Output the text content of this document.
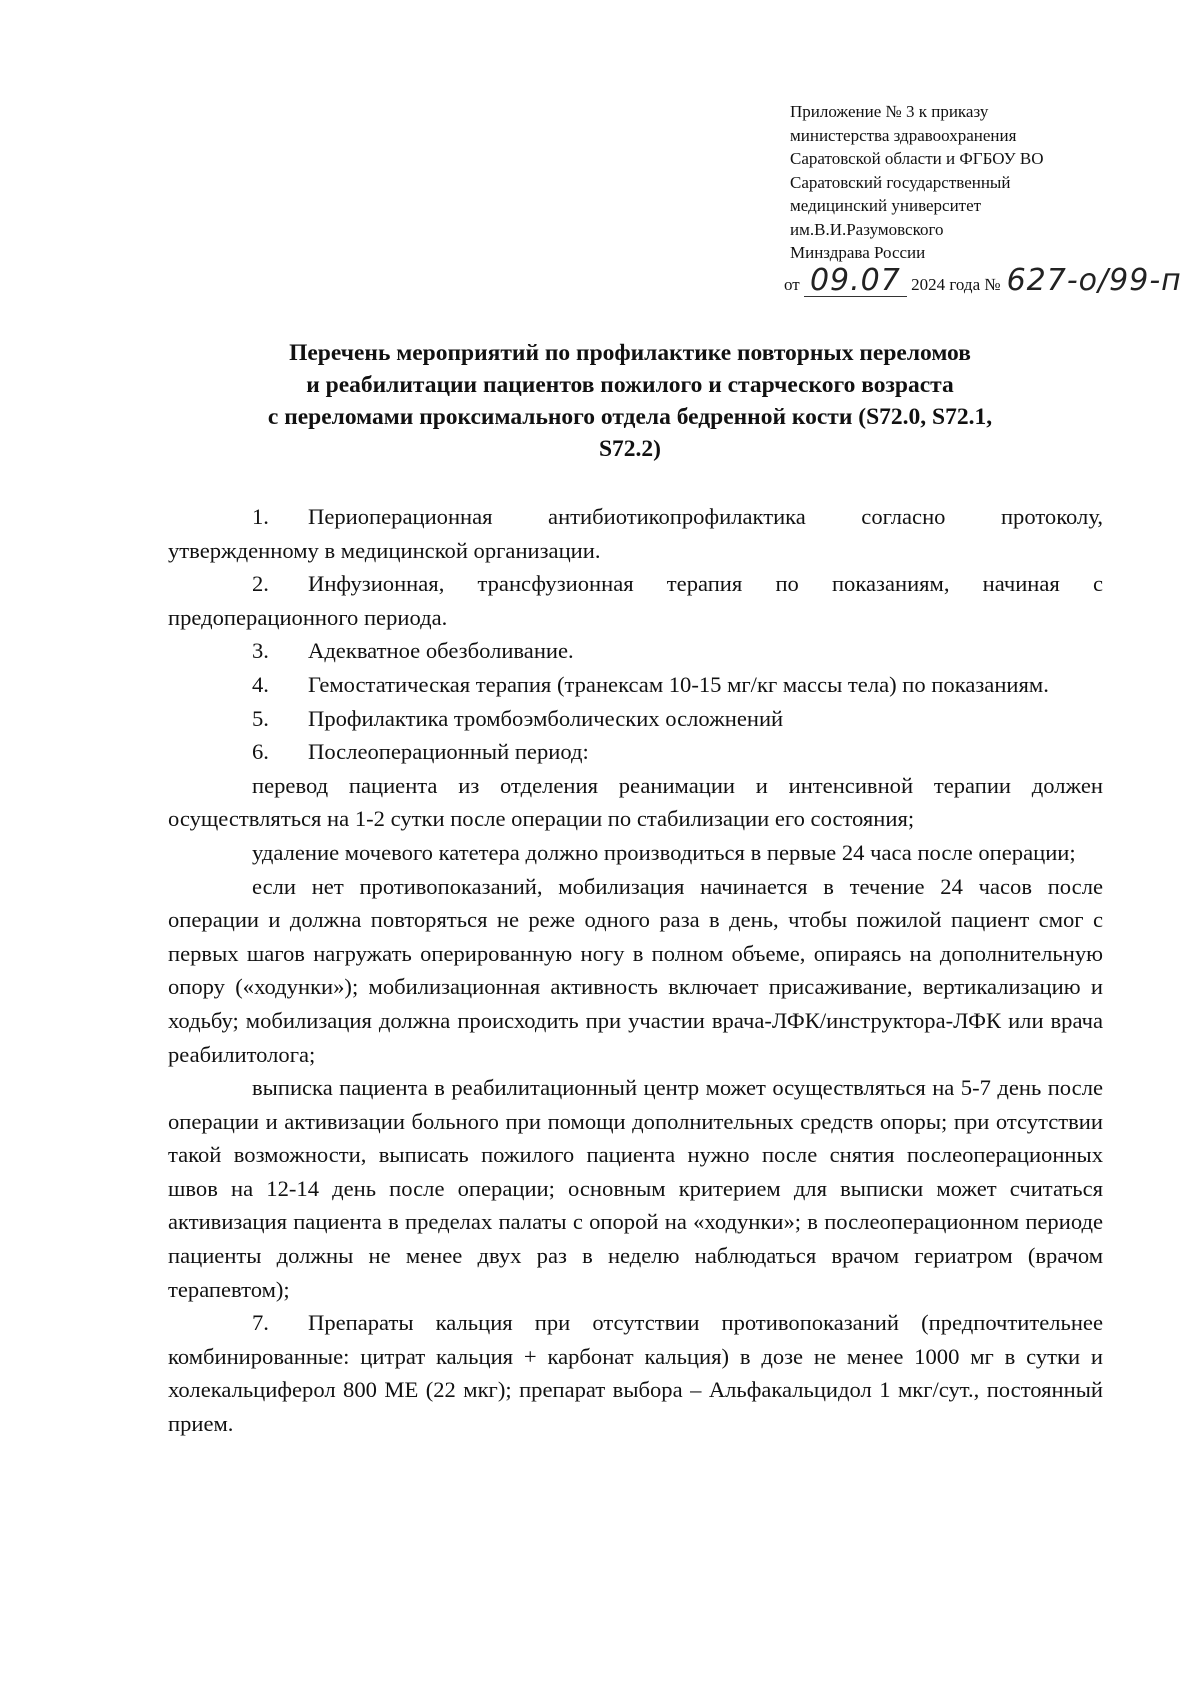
Приложение № 3 к приказу
министерства здравоохранения
Саратовской области и ФГБОУ ВО
Саратовский государственный
медицинский университет
им.В.И.Разумовского
Минздрава России
от 09.07 2024 года № 627-о/99-п
Перечень мероприятий по профилактике повторных переломов
и реабилитации пациентов пожилого и старческого возраста
с переломами проксимального отдела бедренной кости (S72.0, S72.1,
S72.2)

1. Периоперационная антибиотикопрофилактика согласно протоколу, утвержденному в медицинской организации.

2. Инфузионная, трансфузионная терапия по показаниям, начиная с предоперационного периода.

3. Адекватное обезболивание.

4. Гемостатическая терапия (транексам 10-15 мг/кг массы тела) по показаниям.

5. Профилактика тромбоэмболических осложнений

6. Послеоперационный период:

перевод пациента из отделения реанимации и интенсивной терапии должен осуществляться на 1-2 сутки после операции по стабилизации его состояния;

удаление мочевого катетера должно производиться в первые 24 часа после операции;

если нет противопоказаний, мобилизация начинается в течение 24 часов после операции и должна повторяться не реже одного раза в день, чтобы пожилой пациент смог с первых шагов нагружать оперированную ногу в полном объеме, опираясь на дополнительную опору («ходунки»); мобилизационная активность включает присаживание, вертикализацию и ходьбу; мобилизация должна происходить при участии врача-ЛФК/инструктора-ЛФК или врача реабилитолога;

выписка пациента в реабилитационный центр может осуществляться на 5-7 день после операции и активизации больного при помощи дополнительных средств опоры; при отсутствии такой возможности, выписать пожилого пациента нужно после снятия послеоперационных швов на 12-14 день после операции; основным критерием для выписки может считаться активизация пациента в пределах палаты с опорой на «ходунки»; в послеоперационном периоде пациенты должны не менее двух раз в неделю наблюдаться врачом гериатром (врачом терапевтом);

7. Препараты кальция при отсутствии противопоказаний (предпочтительнее комбинированные: цитрат кальция + карбонат кальция) в дозе не менее 1000 мг в сутки и холекальциферол 800 МЕ (22 мкг); препарат выбора – Альфакальцидол 1 мкг/сут., постоянный прием.
